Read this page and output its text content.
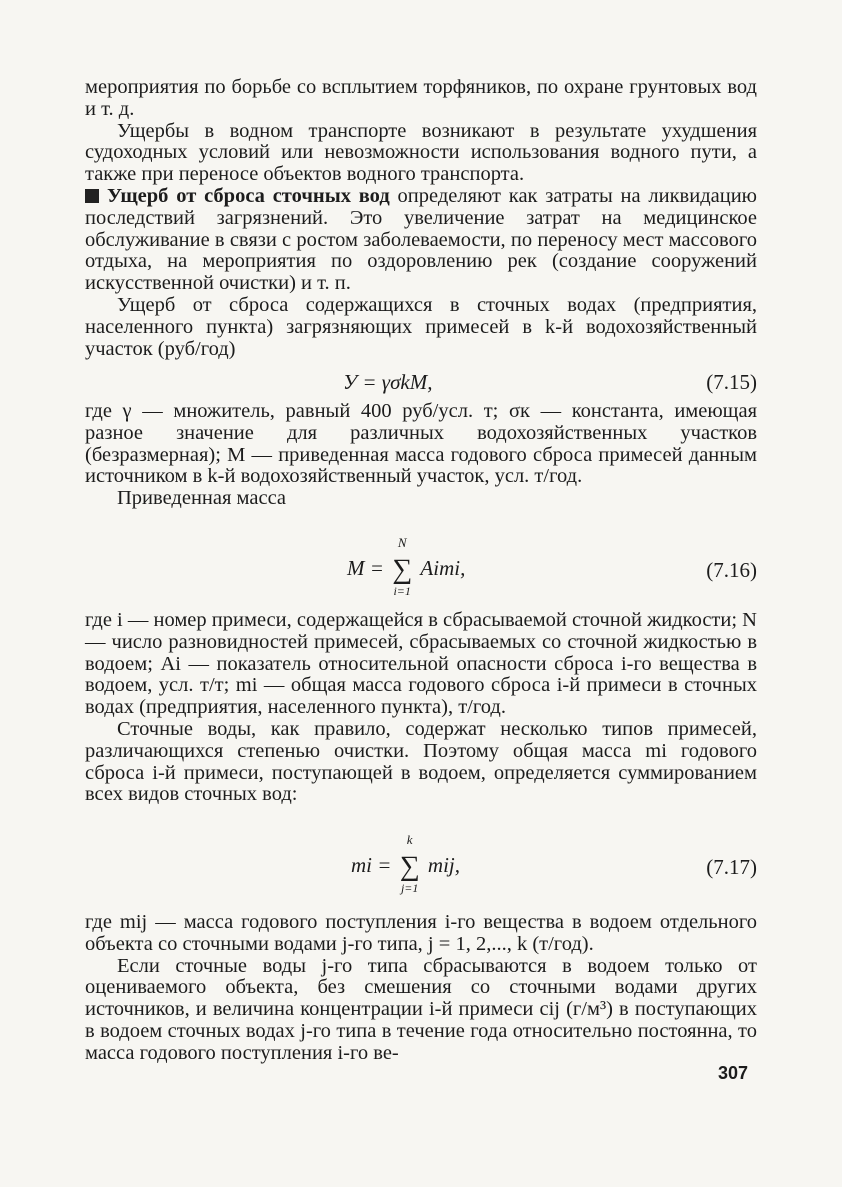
мероприятия по борьбе со всплытием торфяников, по охране грунтовых вод и т. д.

Ущербы в водном транспорте возникают в результате ухудшения судоходных условий или невозможности использования водного пути, а также при переносе объектов водного транспорта.

Ущерб от сброса сточных вод определяют как затраты на ликвидацию последствий загрязнений. Это увеличение затрат на медицинское обслуживание в связи с ростом заболеваемости, по переносу мест массового отдыха, на мероприятия по оздоровлению рек (создание сооружений искусственной очистки) и т. п.

Ущерб от сброса содержащихся в сточных водах (предприятия, населенного пункта) загрязняющих примесей в k-й водохозяйственный участок (руб/год)

У = γσkМ,	(7.15)

где γ — множитель, равный 400 руб/усл. т; σк — константа, имеющая разное значение для различных водохозяйственных участков (безразмерная); М — приведенная масса годового сброса примесей данным источником в k-й водохозяйственный участок, усл. т/год.

Приведенная масса

М = ∑
N
i=1
Aimi,	(7.16)

где i — номер примеси, содержащейся в сбрасываемой сточной жидкости; N — число разновидностей примесей, сбрасываемых со сточной жидкостью в водоем; Ai — показатель относительной опасности сброса i-го вещества в водоем, усл. т/т; mi — общая масса годового сброса i-й примеси в сточных водах (предприятия, населенного пункта), т/год.

Сточные воды, как правило, содержат несколько типов примесей, различающихся степенью очистки. Поэтому общая масса mi годового сброса i-й примеси, поступающей в водоем, определяется суммированием всех видов сточных вод:

mi = ∑
k
j=1
mij,	(7.17)

где mij — масса годового поступления i-го вещества в водоем отдельного объекта со сточными водами j-го типа, j = 1, 2,..., k (т/год).

Если сточные воды j-го типа сбрасываются в водоем только от оцениваемого объекта, без смешения со сточными водами других источников, и величина концентрации i-й примеси cij (г/м³) в поступающих в водоем сточных водах j-го типа в течение года относительно постоянна, то масса годового поступления i-го ве-

307
